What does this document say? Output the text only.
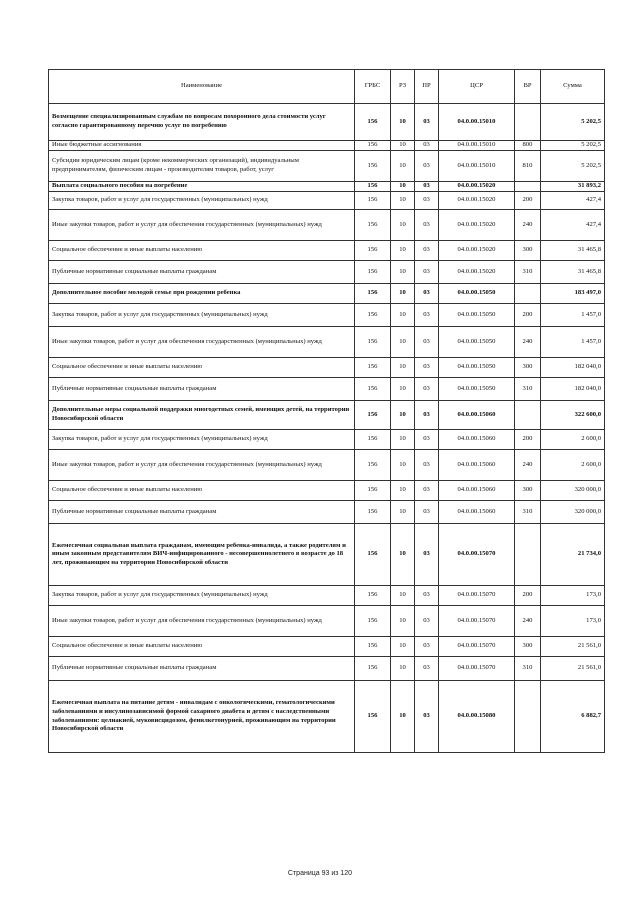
Наименование	ГРБС	РЗ	ПР	ЦСР	ВР	Сумма
Возмещение специализированным службам по вопросам похоронного дела стоимости услуг согласно гарантированному перечню услуг по погребению	156	10	03	04.0.00.15010		5 202,5
Иные бюджетные ассигнования	156	10	03	04.0.00.15010	800	5 202,5
Субсидии юридическим лицам (кроме некоммерческих организаций), индивидуальным предпринимателям, физическим лицам - производителям товаров, работ, услуг	156	10	03	04.0.00.15010	810	5 202,5
Выплата социального пособия на погребение	156	10	03	04.0.00.15020		31 893,2
Закупка товаров, работ и услуг для государственных (муниципальных) нужд	156	10	03	04.0.00.15020	200	427,4
Иные закупки товаров, работ и услуг для обеспечения государственных (муниципальных) нужд	156	10	03	04.0.00.15020	240	427,4
Социальное обеспечение и иные выплаты населению	156	10	03	04.0.00.15020	300	31 465,8
Публичные нормативные социальные выплаты гражданам	156	10	03	04.0.00.15020	310	31 465,8
Дополнительное пособие молодой семье при рождении ребенка	156	10	03	04.0.00.15050		183 497,0
Закупка товаров, работ и услуг для государственных (муниципальных) нужд	156	10	03	04.0.00.15050	200	1 457,0
Иные закупки товаров, работ и услуг для обеспечения государственных (муниципальных) нужд	156	10	03	04.0.00.15050	240	1 457,0
Социальное обеспечение и иные выплаты населению	156	10	03	04.0.00.15050	300	182 040,0
Публичные нормативные социальные выплаты гражданам	156	10	03	04.0.00.15050	310	182 040,0
Дополнительные меры социальной поддержки многодетных семей, имеющих детей, на территории Новосибирской области	156	10	03	04.0.00.15060		322 600,0
Закупка товаров, работ и услуг для государственных (муниципальных) нужд	156	10	03	04.0.00.15060	200	2 600,0
Иные закупки товаров, работ и услуг для обеспечения государственных (муниципальных) нужд	156	10	03	04.0.00.15060	240	2 600,0
Социальное обеспечение и иные выплаты населению	156	10	03	04.0.00.15060	300	320 000,0
Публичные нормативные социальные выплаты гражданам	156	10	03	04.0.00.15060	310	320 000,0
Ежемесячная социальная выплата гражданам, имеющим ребенка-инвалида, а также родителям и иным законным представителям ВИЧ-инфицированного - несовершеннолетнего в возрасте до 18 лет, проживающим на территории Новосибирской области	156	10	03	04.0.00.15070		21 734,0
Закупка товаров, работ и услуг для государственных (муниципальных) нужд	156	10	03	04.0.00.15070	200	173,0
Иные закупки товаров, работ и услуг для обеспечения государственных (муниципальных) нужд	156	10	03	04.0.00.15070	240	173,0
Социальное обеспечение и иные выплаты населению	156	10	03	04.0.00.15070	300	21 561,0
Публичные нормативные социальные выплаты гражданам	156	10	03	04.0.00.15070	310	21 561,0
Ежемесячная выплата на питание детям - инвалидам с онкологическими, гематологическими заболеваниями и инсулинозависимой формой сахарного диабета и детям с наследственными заболеваниями: целиакией, муковисцидозом, фенилкетонурией, проживающим на территории Новосибирской области	156	10	03	04.0.00.15080		6 882,7
Страница 93 из 120
